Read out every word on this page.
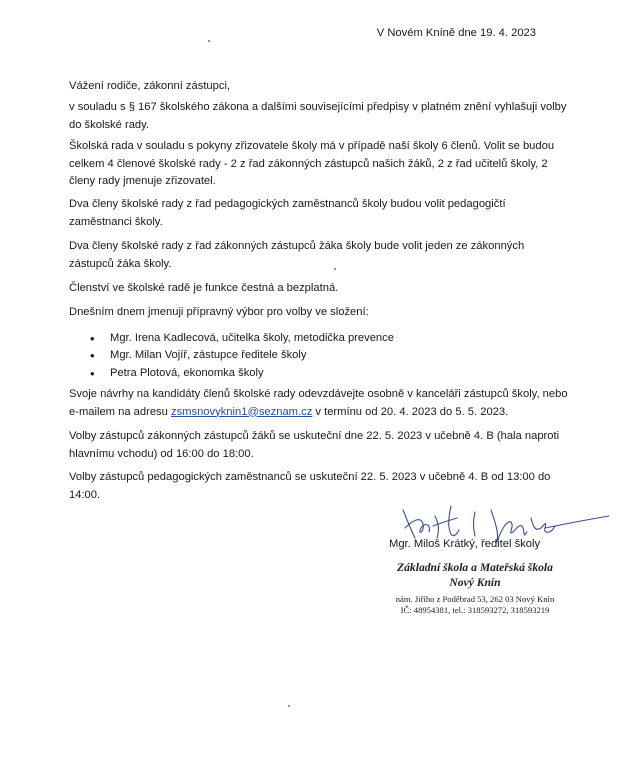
V Novém Kníně dne 19. 4. 2023

Vážení rodiče, zákonní zástupci,

v souladu s § 167 školského zákona a dalšími souvisejícími předpisy v platném znění vyhlašuji volby do školské rady.

Školská rada v souladu s pokyny zřizovatele školy má v případě naší školy 6 členů. Volit se budou celkem 4 členové školské rady - 2 z řad zákonných zástupců našich žáků, 2 z řad učitelů školy, 2 členy rady jmenuje zřizovatel.

Dva členy školské rady z řad pedagogických zaměstnanců školy budou volit pedagogičtí zaměstnanci školy.

Dva členy školské rady z řad zákonných zástupců žáka školy bude volit jeden ze zákonných zástupců žáka školy.

Členství ve školské radě je funkce čestná a bezplatná.

Dnešním dnem jmenuji přípravný výbor pro volby ve složení:

• Mgr. Irena Kadlecová, učitelka školy, metodička prevence
• Mgr. Milan Vojíř, zástupce ředitele školy
• Petra Plotová, ekonomka školy

Svoje návrhy na kandidáty členů školské rady odevzdávejte osobně v kanceláři zástupců školy, nebo e-mailem na adresu zsmsnovyknin1@seznam.cz v termínu od 20. 4. 2023 do 5. 5. 2023.

Volby zástupců zákonných zástupců žáků se uskuteční dne 22. 5. 2023 v učebně 4. B (hala naproti hlavnímu vchodu) od 16:00 do 18:00.

Volby zástupců pedagogických zaměstnanců se uskuteční 22. 5. 2023 v učebně 4. B od 13:00 do 14:00.

Mgr. Miloš Krátký, ředitel školy
Základní škola a Mateřská škola
Nový Knín
nám. Jiřího z Poděbrad 53, 262 03 Nový Knín
IČ: 48954381, tel.: 318593272, 318593219
